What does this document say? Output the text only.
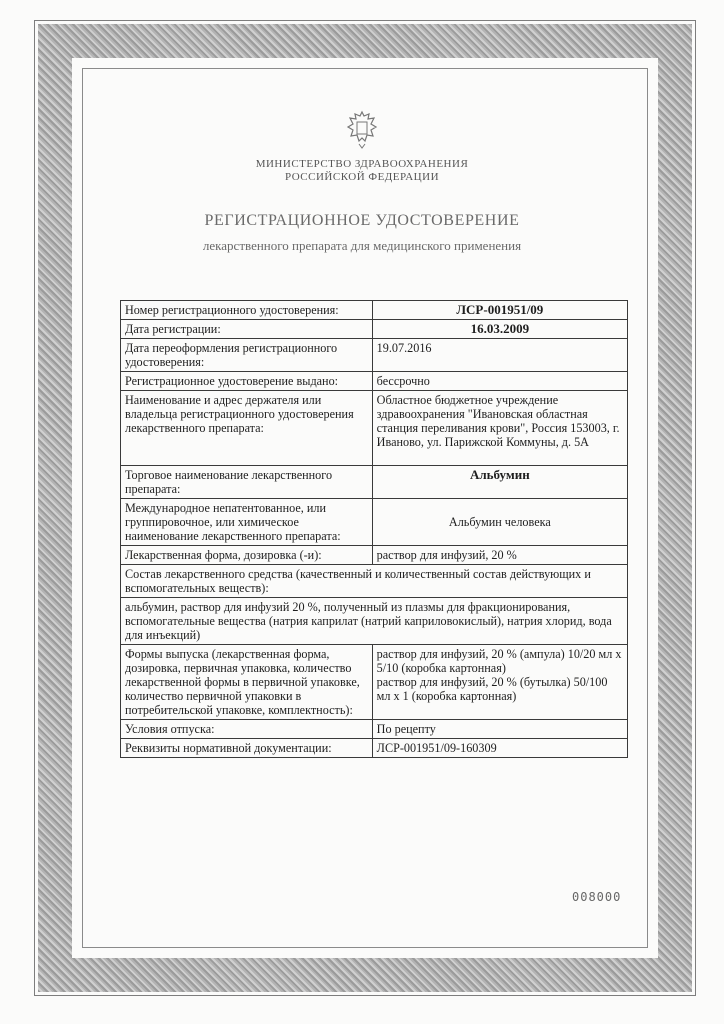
МИНИСТЕРСТВО ЗДРАВООХРАНЕНИЯ
РОССИЙСКОЙ ФЕДЕРАЦИИ
РЕГИСТРАЦИОННОЕ УДОСТОВЕРЕНИЕ
лекарственного препарата для медицинского применения
Номер регистрационного удостоверения:	ЛСР-001951/09
Дата регистрации:	16.03.2009
Дата переоформления регистрационного удостоверения:	19.07.2016
Регистрационное удостоверение выдано:	бессрочно
Наименование и адрес держателя или владельца регистрационного удостоверения лекарственного препарата:	Областное бюджетное учреждение здравоохранения "Ивановская областная станция переливания крови", Россия 153003, г. Иваново, ул. Парижской Коммуны, д. 5А
Торговое наименование лекарственного препарата:	Альбумин
Международное непатентованное, или группировочное, или химическое наименование лекарственного препарата:	Альбумин человека
Лекарственная форма, дозировка (-и):	раствор для инфузий, 20 %
Состав лекарственного средства (качественный и количественный состав действующих и вспомогательных веществ):	
альбумин, раствор для инфузий 20 %, полученный из плазмы для фракционирования, вспомогательные вещества (натрия каприлат (натрий каприловокислый), натрия хлорид, вода для инъекций)	
Формы выпуска (лекарственная форма, дозировка, первичная упаковка, количество лекарственной формы в первичной упаковке, количество первичной упаковки в потребительской упаковке, комплектность):	раствор для инфузий, 20 % (ампула) 10/20 мл х 5/10 (коробка картонная)
раствор для инфузий, 20 % (бутылка) 50/100 мл х 1 (коробка картонная)

Условия отпуска:	По рецепту
Реквизиты нормативной документации:	ЛСР-001951/09-160309
008000
